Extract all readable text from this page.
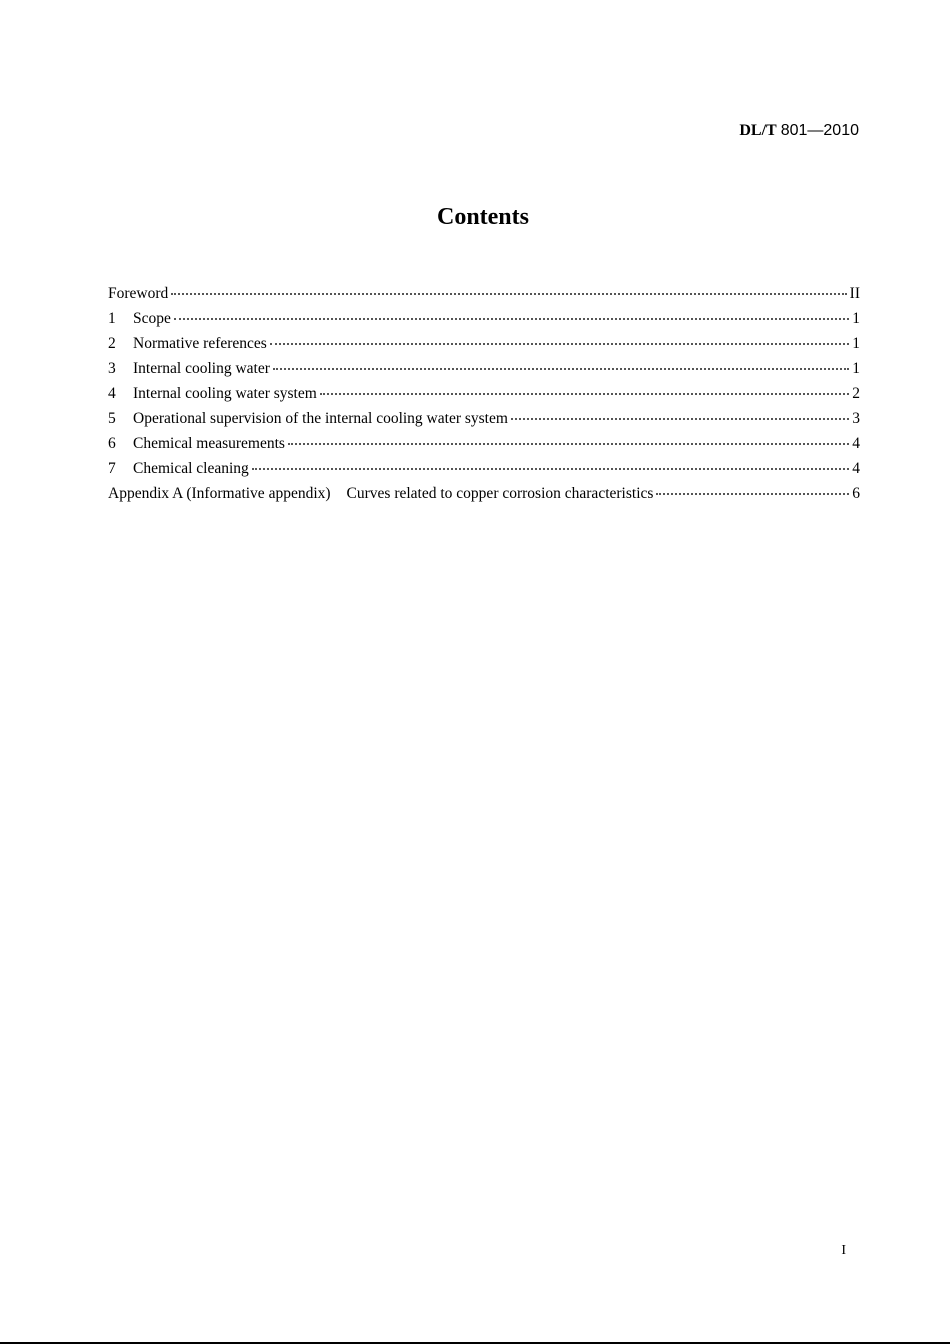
DL/T 801—2010
Contents
Foreword	II
1	Scope	1
2	Normative references	1
3	Internal cooling water	1
4	Internal cooling water system	2
5	Operational supervision of the internal cooling water system	3
6	Chemical measurements	4
7	Chemical cleaning	4
Appendix A (Informative appendix) Curves related to copper corrosion characteristics	6
I
